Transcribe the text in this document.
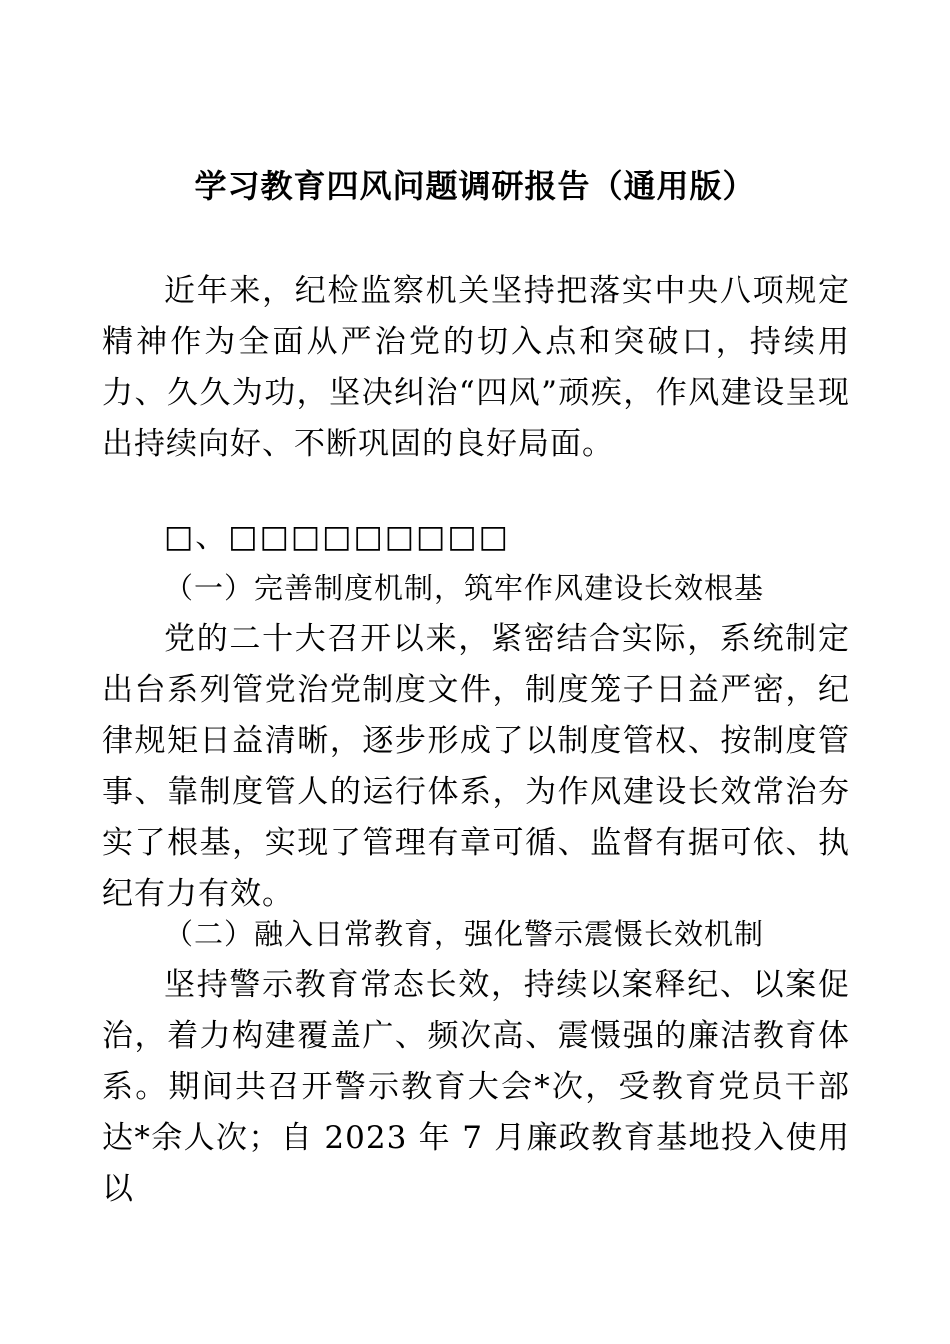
学习教育四风问题调研报告（通用版）

近年来，纪检监察机关坚持把落实中央八项规定精神作为全面从严治党的切入点和突破口，持续用力、久久为功，坚决纠治“四风”顽疾，作风建设呈现出持续向好、不断巩固的良好局面。

□、□□□□□□□□□

（一）完善制度机制，筑牢作风建设长效根基

党的二十大召开以来，紧密结合实际，系统制定出台系列管党治党制度文件，制度笼子日益严密，纪律规矩日益清晰，逐步形成了以制度管权、按制度管事、靠制度管人的运行体系，为作风建设长效常治夯实了根基，实现了管理有章可循、监督有据可依、执纪有力有效。

（二）融入日常教育，强化警示震慑长效机制

坚持警示教育常态长效，持续以案释纪、以案促治，着力构建覆盖广、频次高、震慑强的廉洁教育体系。期间共召开警示教育大会*次，受教育党员干部达*余人次；自 2023 年 7 月廉政教育基地投入使用以
